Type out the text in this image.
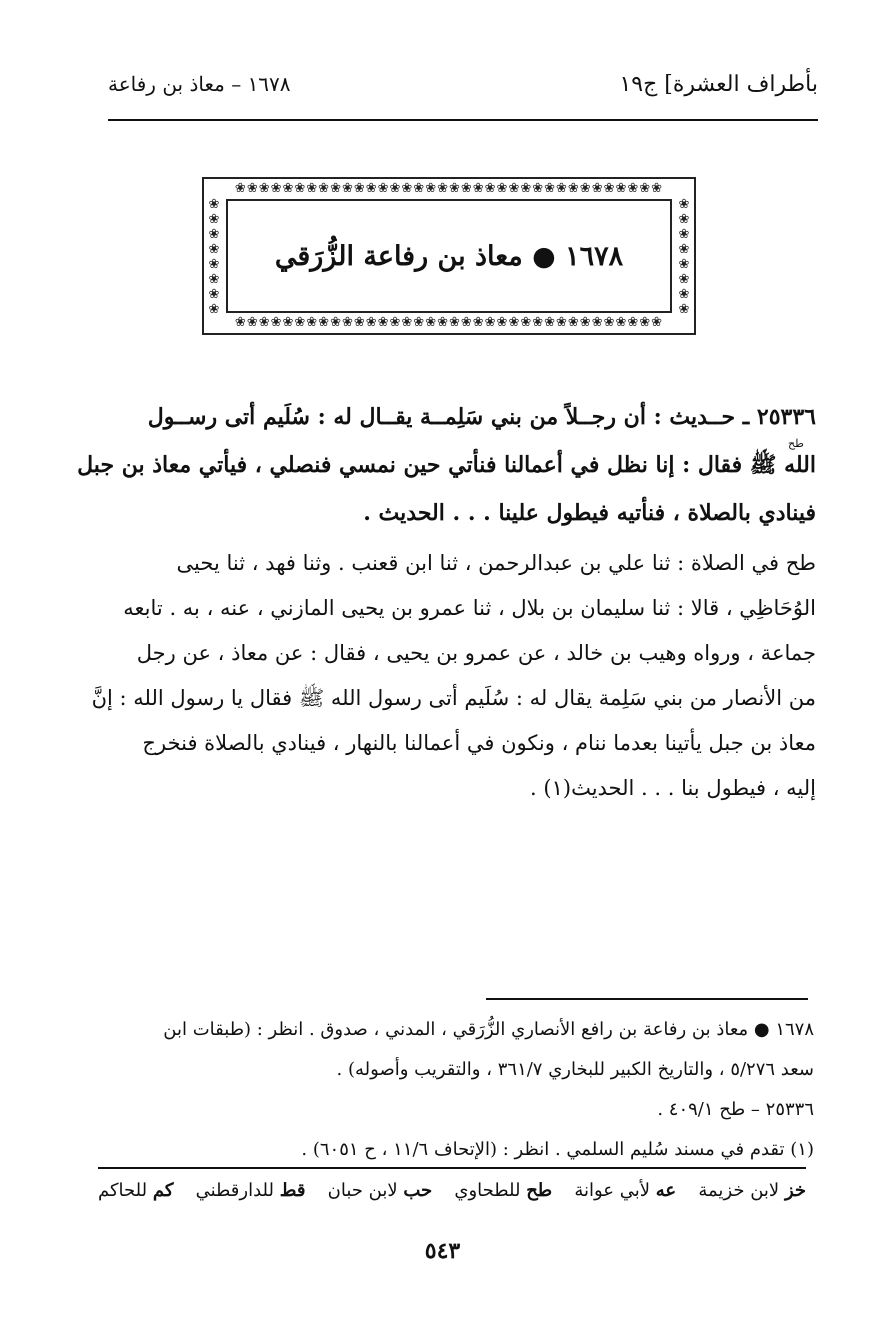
بأطراف العشرة] ج١٩
١٦٧٨ – معاذ بن رفاعة
❀❀❀❀❀❀❀❀❀❀❀❀❀❀❀❀❀❀❀❀❀❀❀❀❀❀❀❀❀❀❀❀❀❀❀❀
❀❀❀❀❀❀❀❀❀❀❀❀❀❀❀❀❀❀❀❀❀❀❀❀❀❀❀❀❀❀❀❀❀❀❀❀
❀❀❀❀❀❀❀❀
❀❀❀❀❀❀❀❀
١٦٧٨ ● معاذ بن رفاعة الزُّرَقي
٢٥٣٣٦ ـ حــديث : أن رجــلاً من بني سَلِمــة يقــال له : سُلَيم أتى رســول
الله ﷺ فقال : إنا نظل في أعمالنا فنأتي حين نمسي فنصلي ، فيأتي معاذ بن جبل
فينادي بالصلاة ، فنأتيه فيطول علينا . . . الحديث .
طح في الصلاة : ثنا علي بن عبدالرحمن ، ثنا ابن قعنب . وثنا فهد ، ثنا يحيى
الوُحَاظِي ، قالا : ثنا سليمان بن بلال ، ثنا عمرو بن يحيى المازني ، عنه ، به . تابعه
جماعة ، ورواه وهيب بن خالد ، عن عمرو بن يحيى ، فقال : عن معاذ ، عن رجل
من الأنصار من بني سَلِمة يقال له : سُلَيم أتى رسول الله ﷺ فقال يا رسول الله : إنَّ
معاذ بن جبل يأتينا بعدما ننام ، ونكون في أعمالنا بالنهار ، فينادي بالصلاة فنخرج
إليه ، فيطول بنا . . . الحديث(١) .
طح
١٦٧٨ ● معاذ بن رفاعة بن رافع الأنصاري الزُّرَقي ، المدني ، صدوق . انظر : (طبقات ابن
سعد ٥/٢٧٦ ، والتاريخ الكبير للبخاري ٣٦١/٧ ، والتقريب وأصوله) .
٢٥٣٣٦ – طح ٤٠٩/١ .
(١) تقدم في مسند سُليم السلمي . انظر : (الإتحاف ١١/٦ ، ح ٦٠٥١) .
خز لابن خزيمة
عه لأبي عوانة
طح للطحاوي
حب لابن حبان
قط للدارقطني
كم للحاكم
٥٤٣
